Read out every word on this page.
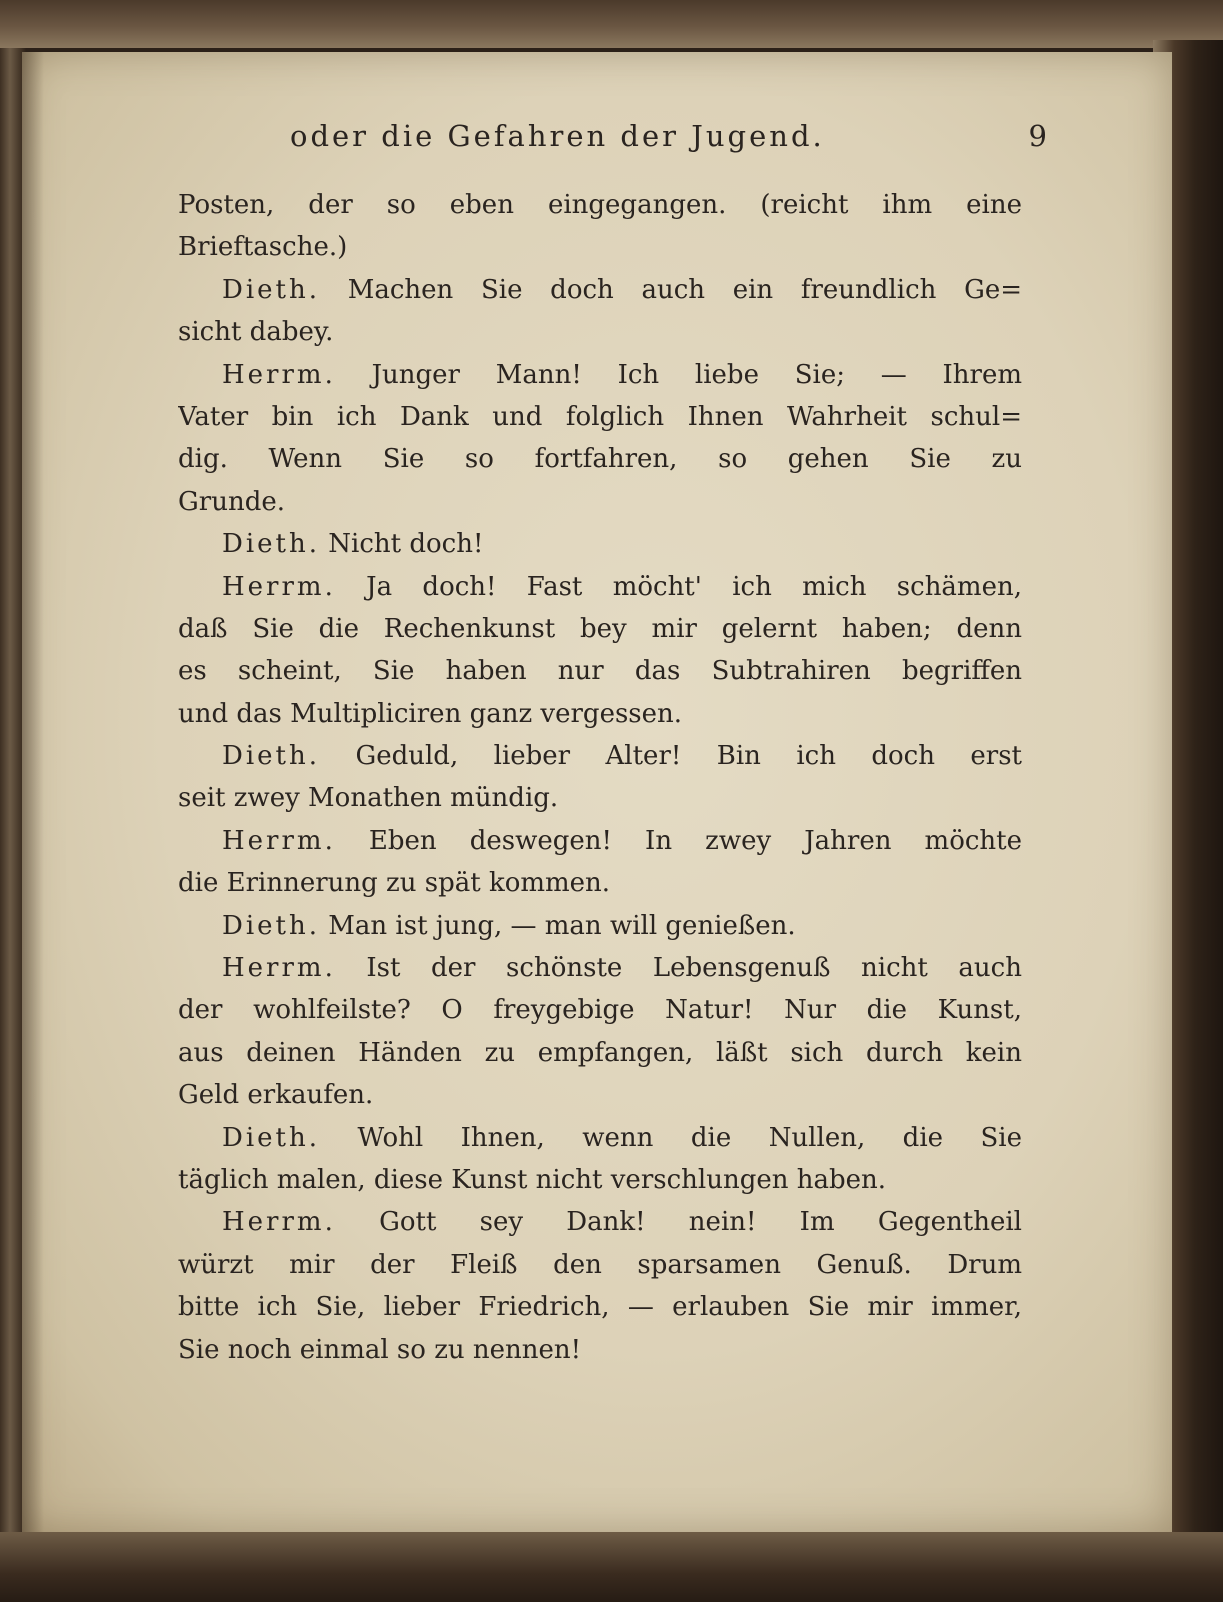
oder die Gefahren der Jugend.	9
Posten, der so eben eingegangen. (reicht ihm eine
Brieftasche.)
Dieth. Machen Sie doch auch ein freundlich Ge=
sicht dabey.
Herrm. Junger Mann! Ich liebe Sie; — Ihrem
Vater bin ich Dank und folglich Ihnen Wahrheit schul=
dig. Wenn Sie so fortfahren, so gehen Sie zu
Grunde.
Dieth. Nicht doch!
Herrm. Ja doch! Fast möcht' ich mich schämen,
daß Sie die Rechenkunst bey mir gelernt haben; denn
es scheint, Sie haben nur das Subtrahiren begriffen
und das Multipliciren ganz vergessen.
Dieth. Geduld, lieber Alter! Bin ich doch erst
seit zwey Monathen mündig.
Herrm. Eben deswegen! In zwey Jahren möchte
die Erinnerung zu spät kommen.
Dieth. Man ist jung, — man will genießen.
Herrm. Ist der schönste Lebensgenuß nicht auch
der wohlfeilste? O freygebige Natur! Nur die Kunst,
aus deinen Händen zu empfangen, läßt sich durch kein
Geld erkaufen.
Dieth. Wohl Ihnen, wenn die Nullen, die Sie
täglich malen, diese Kunst nicht verschlungen haben.
Herrm. Gott sey Dank! nein! Im Gegentheil
würzt mir der Fleiß den sparsamen Genuß. Drum
bitte ich Sie, lieber Friedrich, — erlauben Sie mir immer,
Sie noch einmal so zu nennen!
